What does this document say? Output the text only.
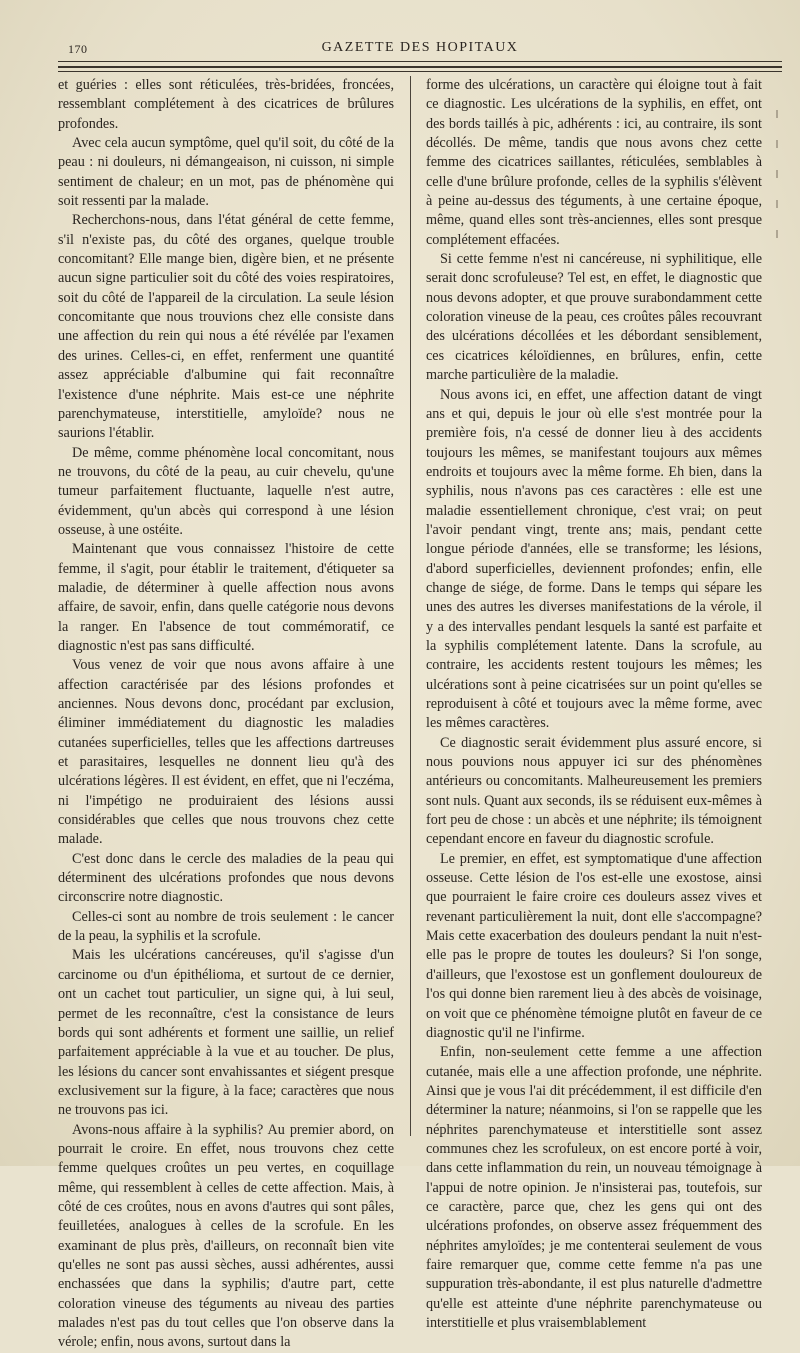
170	GAZETTE DES HOPITAUX

et guéries : elles sont réticulées, très-bridées, froncées, ressemblant complétement à des cicatrices de brûlures profondes.

Avec cela aucun symptôme, quel qu'il soit, du côté de la peau : ni douleurs, ni démangeaison, ni cuisson, ni simple sentiment de chaleur; en un mot, pas de phénomène qui soit ressenti par la malade.

Recherchons-nous, dans l'état général de cette femme, s'il n'existe pas, du côté des organes, quelque trouble concomitant? Elle mange bien, digère bien, et ne présente aucun signe particulier soit du côté des voies respiratoires, soit du côté de l'appareil de la circulation. La seule lésion concomitante que nous trouvions chez elle consiste dans une affection du rein qui nous a été révélée par l'examen des urines. Celles-ci, en effet, renferment une quantité assez appréciable d'albumine qui fait reconnaître l'existence d'une néphrite. Mais est-ce une néphrite parenchymateuse, interstitielle, amyloïde? nous ne saurions l'établir.

De même, comme phénomène local concomitant, nous ne trouvons, du côté de la peau, au cuir chevelu, qu'une tumeur parfaitement fluctuante, laquelle n'est autre, évidemment, qu'un abcès qui correspond à une lésion osseuse, à une ostéite.

Maintenant que vous connaissez l'histoire de cette femme, il s'agit, pour établir le traitement, d'étiqueter sa maladie, de déterminer à quelle affection nous avons affaire, de savoir, enfin, dans quelle catégorie nous devons la ranger. En l'absence de tout commémoratif, ce diagnostic n'est pas sans difficulté.

Vous venez de voir que nous avons affaire à une affection caractérisée par des lésions profondes et anciennes. Nous devons donc, procédant par exclusion, éliminer immédiatement du diagnostic les maladies cutanées superficielles, telles que les affections dartreuses et parasitaires, lesquelles ne donnent lieu qu'à des ulcérations légères. Il est évident, en effet, que ni l'eczéma, ni l'impétigo ne produiraient des lésions aussi considérables que celles que nous trouvons chez cette malade.

C'est donc dans le cercle des maladies de la peau qui déterminent des ulcérations profondes que nous devons circonscrire notre diagnostic.

Celles-ci sont au nombre de trois seulement : le cancer de la peau, la syphilis et la scrofule.

Mais les ulcérations cancéreuses, qu'il s'agisse d'un carcinome ou d'un épithélioma, et surtout de ce dernier, ont un cachet tout particulier, un signe qui, à lui seul, permet de les reconnaître, c'est la consistance de leurs bords qui sont adhérents et forment une saillie, un relief parfaitement appréciable à la vue et au toucher. De plus, les lésions du cancer sont envahissantes et siégent presque exclusivement sur la figure, à la face; caractères que nous ne trouvons pas ici.

Avons-nous affaire à la syphilis? Au premier abord, on pourrait le croire. En effet, nous trouvons chez cette femme quelques croûtes un peu vertes, en coquillage même, qui ressemblent à celles de cette affection. Mais, à côté de ces croûtes, nous en avons d'autres qui sont pâles, feuilletées, analogues à celles de la scrofule. En les examinant de plus près, d'ailleurs, on reconnaît bien vite qu'elles ne sont pas aussi sèches, aussi adhérentes, aussi enchassées que dans la syphilis; d'autre part, cette coloration vineuse des téguments au niveau des parties malades n'est pas du tout celles que l'on observe dans la vérole; enfin, nous avons, surtout dans la

forme des ulcérations, un caractère qui éloigne tout à fait ce diagnostic. Les ulcérations de la syphilis, en effet, ont des bords taillés à pic, adhérents : ici, au contraire, ils sont décollés. De même, tandis que nous avons chez cette femme des cicatrices saillantes, réticulées, semblables à celle d'une brûlure profonde, celles de la syphilis s'élèvent à peine au-dessus des téguments, à une certaine époque, même, quand elles sont très-anciennes, elles sont presque complétement effacées.

Si cette femme n'est ni cancéreuse, ni syphilitique, elle serait donc scrofuleuse? Tel est, en effet, le diagnostic que nous devons adopter, et que prouve surabondamment cette coloration vineuse de la peau, ces croûtes pâles recouvrant des ulcérations décollées et les débordant sensiblement, ces cicatrices kéloïdiennes, en brûlures, enfin, cette marche particulière de la maladie.

Nous avons ici, en effet, une affection datant de vingt ans et qui, depuis le jour où elle s'est montrée pour la première fois, n'a cessé de donner lieu à des accidents toujours les mêmes, se manifestant toujours aux mêmes endroits et toujours avec la même forme. Eh bien, dans la syphilis, nous n'avons pas ces caractères : elle est une maladie essentiellement chronique, c'est vrai; on peut l'avoir pendant vingt, trente ans; mais, pendant cette longue période d'années, elle se transforme; les lésions, d'abord superficielles, deviennent profondes; enfin, elle change de siége, de forme. Dans le temps qui sépare les unes des autres les diverses manifestations de la vérole, il y a des intervalles pendant lesquels la santé est parfaite et la syphilis complétement latente. Dans la scrofule, au contraire, les accidents restent toujours les mêmes; les ulcérations sont à peine cicatrisées sur un point qu'elles se reproduisent à côté et toujours avec la même forme, avec les mêmes caractères.

Ce diagnostic serait évidemment plus assuré encore, si nous pouvions nous appuyer ici sur des phénomènes antérieurs ou concomitants. Malheureusement les premiers sont nuls. Quant aux seconds, ils se réduisent eux-mêmes à fort peu de chose : un abcès et une néphrite; ils témoignent cependant encore en faveur du diagnostic scrofule.

Le premier, en effet, est symptomatique d'une affection osseuse. Cette lésion de l'os est-elle une exostose, ainsi que pourraient le faire croire ces douleurs assez vives et revenant particulièrement la nuit, dont elle s'accompagne? Mais cette exacerbation des douleurs pendant la nuit n'est-elle pas le propre de toutes les douleurs? Si l'on songe, d'ailleurs, que l'exostose est un gonflement douloureux de l'os qui donne bien rarement lieu à des abcès de voisinage, on voit que ce phénomène témoigne plutôt en faveur de ce diagnostic qu'il ne l'infirme.

Enfin, non-seulement cette femme a une affection cutanée, mais elle a une affection profonde, une néphrite. Ainsi que je vous l'ai dit précédemment, il est difficile d'en déterminer la nature; néanmoins, si l'on se rappelle que les néphrites parenchymateuse et interstitielle sont assez communes chez les scrofuleux, on est encore porté à voir, dans cette inflammation du rein, un nouveau témoignage à l'appui de notre opinion. Je n'insisterai pas, toutefois, sur ce caractère, parce que, chez les gens qui ont des ulcérations profondes, on observe assez fréquemment des néphrites amyloïdes; je me contenterai seulement de vous faire remarquer que, comme cette femme n'a pas une suppuration très-abondante, il est plus naturelle d'admettre qu'elle est atteinte d'une néphrite parenchymateuse ou interstitielle et plus vraisemblablement
